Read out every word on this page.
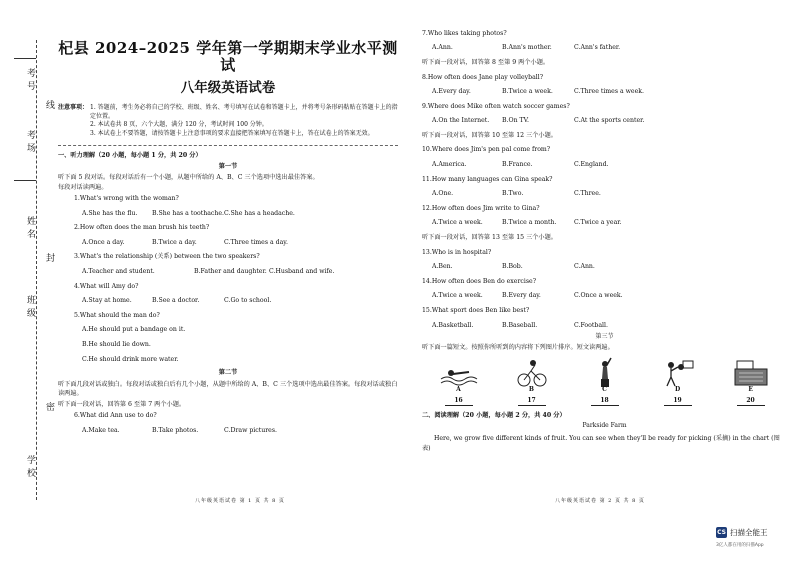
考号
考场
姓名
班级
学校
线
封
密
杞县 2024–2025 学年第一学期期末学业水平测试
八年级英语试卷
注意事项： 1. 答题前，考生务必将自己的学校、班级、姓名、考号填写在试卷和答题卡上，并将考号条形码粘贴在答题卡上的指定位置。

2. 本试卷共 8 页，六个大题，满分 120 分，考试时间 100 分钟。

3. 本试卷上不要答题，请按答题卡上注意事项的要求直接把答案填写在答题卡上，答在试卷上的答案无效。

一、听力理解（20 小题，每小题 1 分，共 20 分）

第一节

听下面 5 段对话。每段对话后有一个小题，从题中所给的 A、B、C 三个选项中选出最佳答案。

每段对话读两遍。

1.What's wrong with the woman?
A.She has the flu.	B.She has a toothache. C.She has a headache.
2.How often does the man brush his teeth?
A.Once a day.	B.Twice a day.	C.Three times a day.
3.What's the relationship (关系) between the two speakers?
A.Teacher and student.	B.Father and daughter. C.Husband and wife.
4.What will Amy do?
A.Stay at home.	B.See a doctor.	C.Go to school.
5.What should the man do?
A.He should put a bandage on it.
B.He should lie down.
C.He should drink more water.

第二节

听下面几段对话或独白。每段对话或独白后有几个小题，从题中所给的 A、B、C 三个选项中选出最佳答案。每段对话或独白读两遍。

听下面一段对话，回答第 6 至第 7 两个小题。

6.What did Ann use to do?
A.Make tea.	B.Take photos.	C.Draw pictures.
八年级英语试卷 第 1 页 共 8 页
7.Who likes taking photos?
A.Ann.	B.Ann's mother.	C.Ann's father.
听下面一段对话，回答第 8 至第 9 两个小题。
8.How often does Jane play volleyball?
A.Every day.	B.Twice a week.	C.Three times a week.
9.Where does Mike often watch soccer games?
A.On the Internet.	B.On TV.	C.At the sports center.
听下面一段对话，回答第 10 至第 12 三个小题。
10.Where does Jim's pen pal come from?
A.America.	B.France.	C.England.
11.How many languages can Gina speak?
A.One.	B.Two.	C.Three.
12.How often does Jim write to Gina?
A.Twice a week.	B.Twice a month.	C.Twice a year.
听下面一段对话，回答第 13 至第 15 三个小题。
13.Who is in hospital?
A.Ben.	B.Bob.	C.Ann.
14.How often does Ben do exercise?
A.Twice a week.	B.Every day.	C.Once a week.
15.What sport does Ben like best?
A.Basketball.	B.Baseball.	C.Football.

第三节

听下面一篇短文。按照你所听到的内容将下列图片排序。短文读两遍。

A	B	C	D	E
16	17	18	19	20

二、阅读理解（20 小题，每小题 2 分，共 40 分）

Parkside Farm

Here, we grow five different kinds of fruit. You can see when they'll be ready for picking (采摘) in the chart (图表)

八年级英语试卷 第 2 页 共 8 页
CS 扫描全能王
3亿人都在用的扫描App
